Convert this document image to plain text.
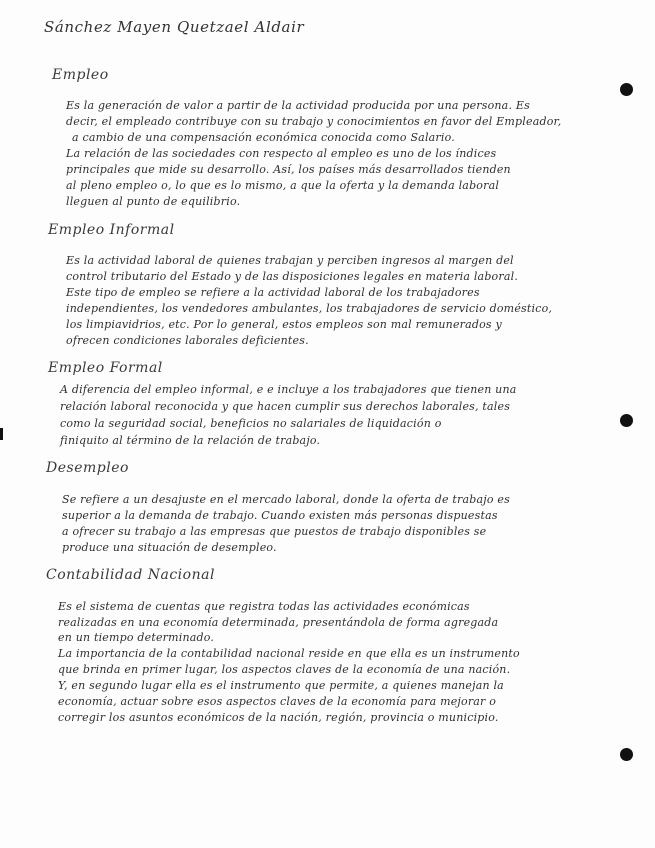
Sánchez Mayen Quetzael Aldair
Empleo

Es la generación de valor a partir de la actividad producida por una persona. Es

decir, el empleado contribuye con su trabajo y conocimientos en favor del Empleador,

a cambio de una compensación económica conocida como Salario.

La relación de las sociedades con respecto al empleo es uno de los índices

principales que mide su desarrollo. Así, los países más desarrollados tienden

al pleno empleo o, lo que es lo mismo, a que la oferta y la demanda laboral

lleguen al punto de equilibrio.

Empleo Informal

Es la actividad laboral de quienes trabajan y perciben ingresos al margen del

control tributario del Estado y de las disposiciones legales en materia laboral.

Este tipo de empleo se refiere a la actividad laboral de los trabajadores

independientes, los vendedores ambulantes, los trabajadores de servicio doméstico,

los limpiavidrios, etc. Por lo general, estos empleos son mal remunerados y

ofrecen condiciones laborales deficientes.

Empleo Formal

A diferencia del empleo informal, e e incluye a los trabajadores que tienen una

relación laboral reconocida y que hacen cumplir sus derechos laborales, tales

como la seguridad social, beneficios no salariales de liquidación o

finiquito al término de la relación de trabajo.

Desempleo

Se refiere a un desajuste en el mercado laboral, donde la oferta de trabajo es

superior a la demanda de trabajo. Cuando existen más personas dispuestas

a ofrecer su trabajo a las empresas que puestos de trabajo disponibles se

produce una situación de desempleo.

Contabilidad Nacional

Es el sistema de cuentas que registra todas las actividades económicas

realizadas en una economía determinada, presentándola de forma agregada

en un tiempo determinado.

La importancia de la contabilidad nacional reside en que ella es un instrumento

que brinda en primer lugar, los aspectos claves de la economía de una nación.

Y, en segundo lugar ella es el instrumento que permite, a quienes manejan la

economía, actuar sobre esos aspectos claves de la economía para mejorar o

corregir los asuntos económicos de la nación, región, provincia o municipio.
